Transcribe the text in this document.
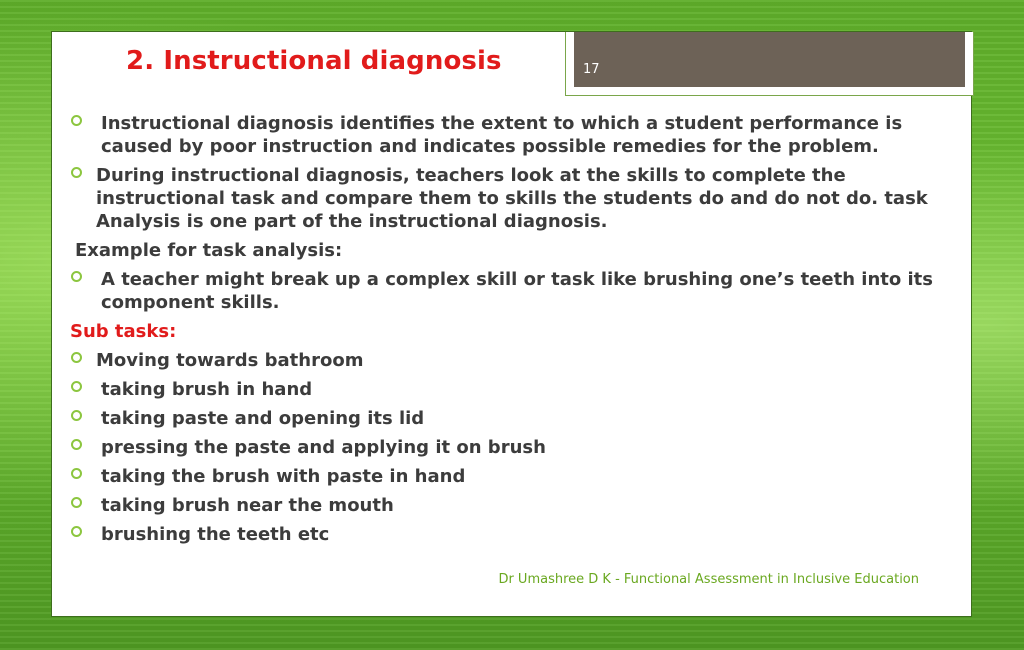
17
2. Instructional diagnosis
Instructional diagnosis identifies the extent to which a student performance is caused by poor instruction and indicates possible remedies for the problem.
During instructional diagnosis, teachers look at the skills to complete the instructional task and compare them to skills the students do and do not do. task Analysis is one part of the instructional diagnosis.
Example for task analysis:
A teacher might break up a complex skill or task like brushing one’s teeth into its component skills.
Sub tasks:
Moving towards bathroom
taking brush in hand
taking paste and opening its lid
pressing the paste and applying it on brush
taking the brush with paste in hand
taking brush near the mouth
brushing the teeth etc
Dr Umashree D K - Functional Assessment in Inclusive Education
